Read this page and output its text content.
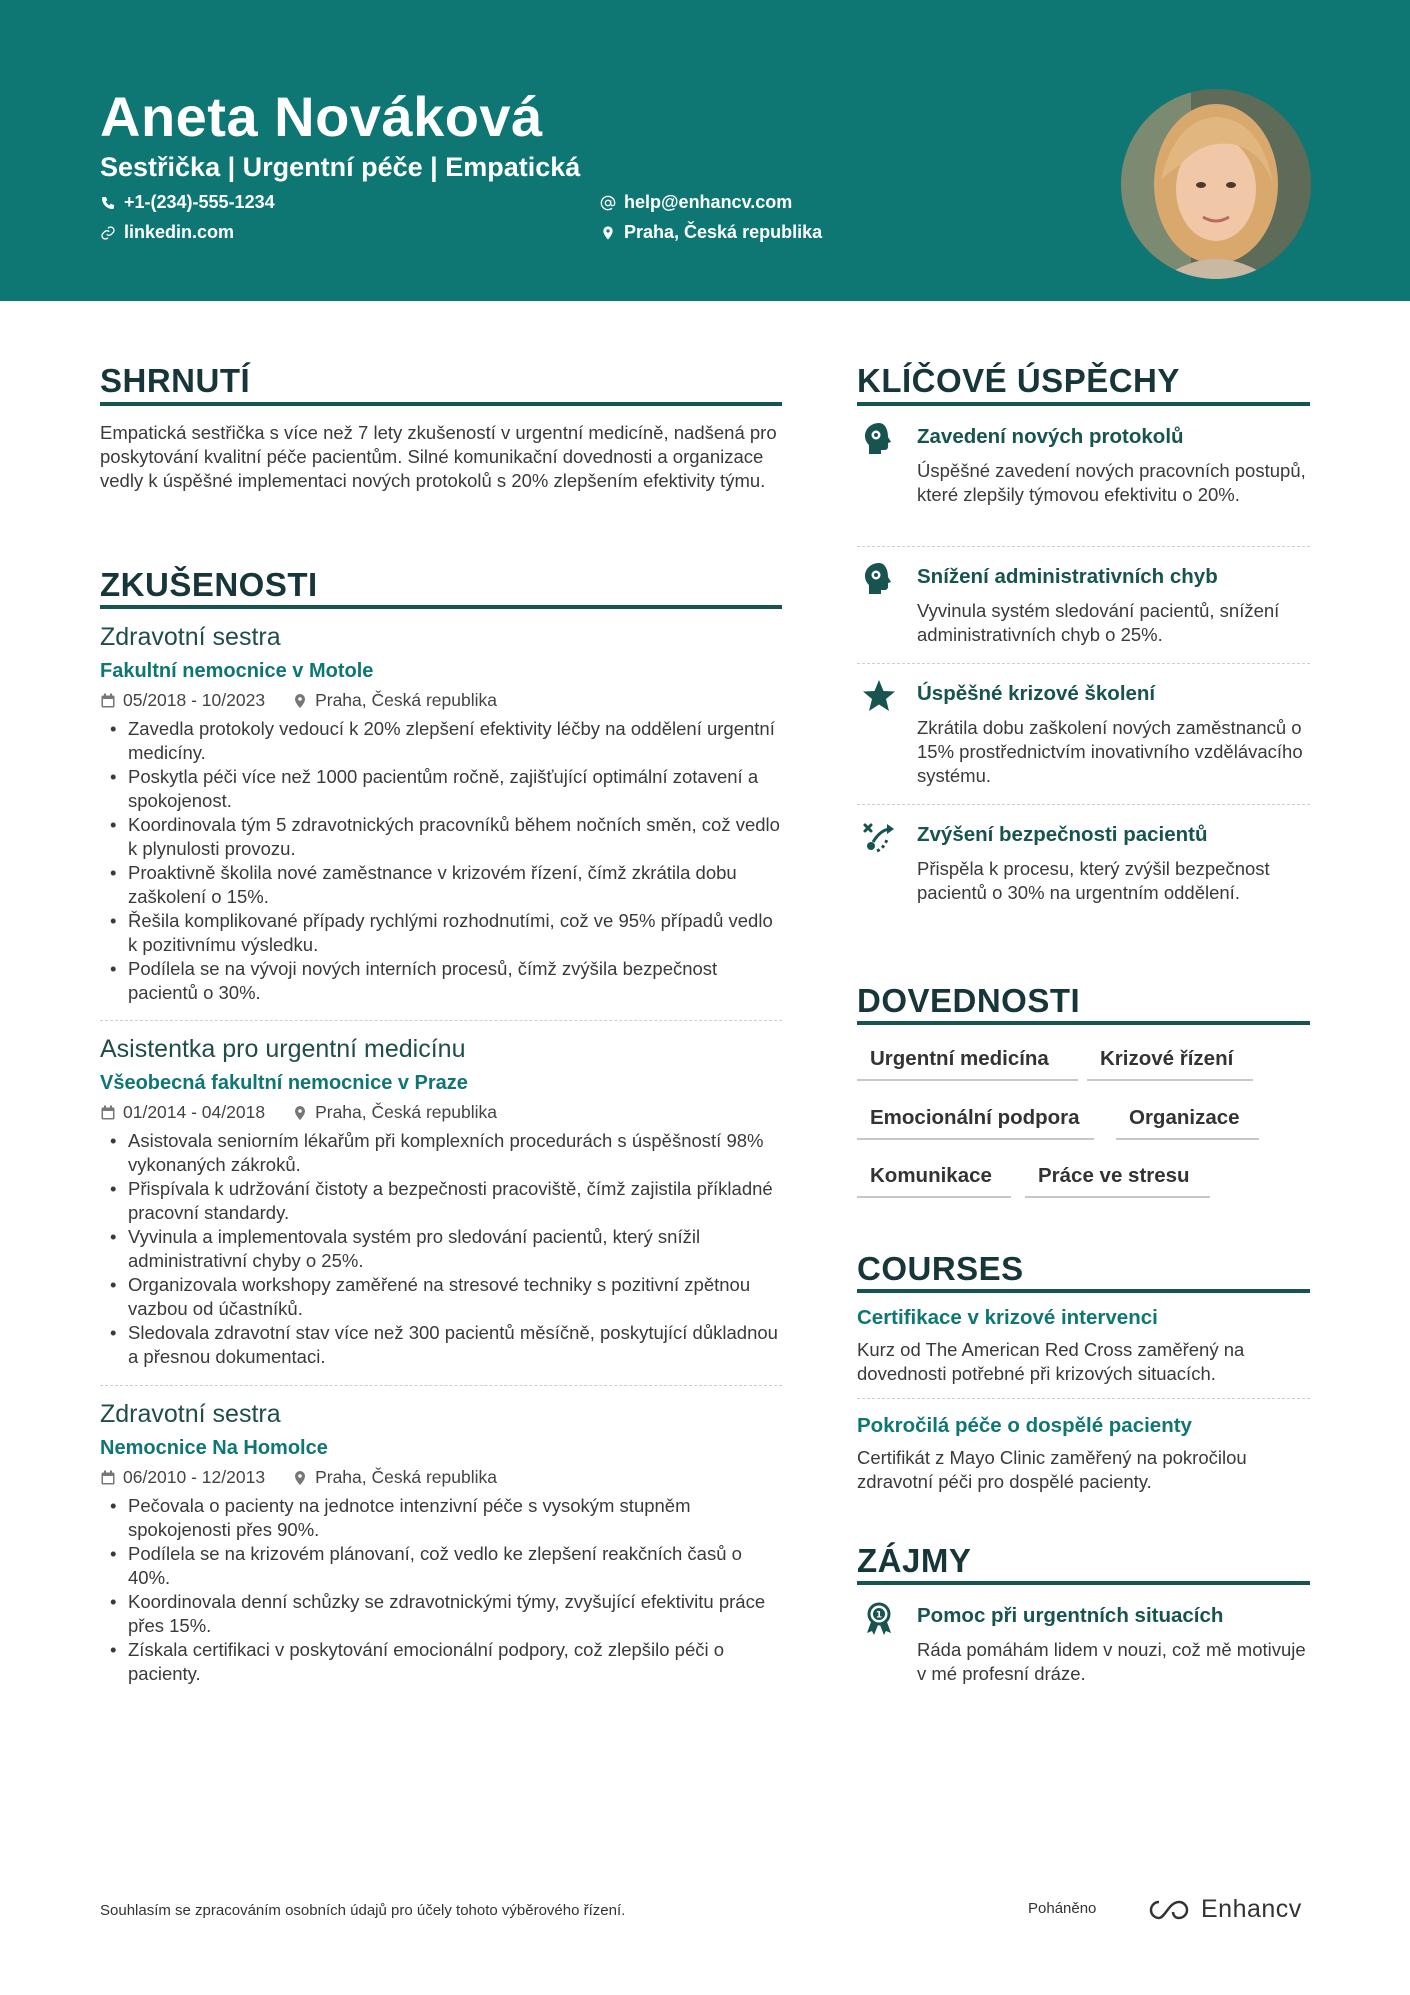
Aneta Nováková
Sestřička | Urgentní péče | Empatická
+1-(234)-555-1234
linkedin.com
help@enhancv.com
Praha, Česká republika
SHRNUTÍ
Empatická sestřička s více než 7 lety zkušeností v urgentní medicíně, nadšená pro poskytování kvalitní péče pacientům. Silné komunikační dovednosti a organizace vedly k úspěšné implementaci nových protokolů s 20% zlepšením efektivity týmu.
ZKUŠENOSTI
Zdravotní sestra
Fakultní nemocnice v Motole
05/2018 - 10/2023	Praha, Česká republika
• Zavedla protokoly vedoucí k 20% zlepšení efektivity léčby na oddělení urgentní medicíny.
• Poskytla péči více než 1000 pacientům ročně, zajišťující optimální zotavení a spokojenost.
• Koordinovala tým 5 zdravotnických pracovníků během nočních směn, což vedlo k plynulosti provozu.
• Proaktivně školila nové zaměstnance v krizovém řízení, čímž zkrátila dobu zaškolení o 15%.
• Řešila komplikované případy rychlými rozhodnutími, což ve 95% případů vedlo k pozitivnímu výsledku.
• Podílela se na vývoji nových interních procesů, čímž zvýšila bezpečnost pacientů o 30%.
Asistentka pro urgentní medicínu
Všeobecná fakultní nemocnice v Praze
01/2014 - 04/2018	Praha, Česká republika
• Asistovala seniorním lékařům při komplexních procedurách s úspěšností 98% vykonaných zákroků.
• Přispívala k udržování čistoty a bezpečnosti pracoviště, čímž zajistila příkladné pracovní standardy.
• Vyvinula a implementovala systém pro sledování pacientů, který snížil administrativní chyby o 25%.
• Organizovala workshopy zaměřené na stresové techniky s pozitivní zpětnou vazbou od účastníků.
• Sledovala zdravotní stav více než 300 pacientů měsíčně, poskytující důkladnou a přesnou dokumentaci.
Zdravotní sestra
Nemocnice Na Homolce
06/2010 - 12/2013	Praha, Česká republika
• Pečovala o pacienty na jednotce intenzivní péče s vysokým stupněm spokojenosti přes 90%.
• Podílela se na krizovém plánovaní, což vedlo ke zlepšení reakčních časů o 40%.
• Koordinovala denní schůzky se zdravotnickými týmy, zvyšující efektivitu práce přes 15%.
• Získala certifikaci v poskytování emocionální podpory, což zlepšilo péči o pacienty.
KLÍČOVÉ ÚSPĚCHY
Zavedení nových protokolů
Úspěšné zavedení nových pracovních postupů, které zlepšily týmovou efektivitu o 20%.
Snížení administrativních chyb
Vyvinula systém sledování pacientů, snížení administrativních chyb o 25%.
Úspěšné krizové školení
Zkrátila dobu zaškolení nových zaměstnanců o 15% prostřednictvím inovativního vzdělávacího systému.
Zvýšení bezpečnosti pacientů
Přispěla k procesu, který zvýšil bezpečnost pacientů o 30% na urgentním oddělení.
DOVEDNOSTI
Urgentní medicína	Krizové řízení
Emocionální podpora	Organizace
Komunikace	Práce ve stresu
COURSES
Certifikace v krizové intervenci
Kurz od The American Red Cross zaměřený na dovednosti potřebné při krizových situacích.
Pokročilá péče o dospělé pacienty
Certifikát z Mayo Clinic zaměřený na pokročilou zdravotní péči pro dospělé pacienty.
ZÁJMY
1 Pomoc při urgentních situacích
Ráda pomáhám lidem v nouzi, což mě motivuje v mé profesní dráze.
Souhlasím se zpracováním osobních údajů pro účely tohoto výběrového řízení.	Poháněno	Enhancv
